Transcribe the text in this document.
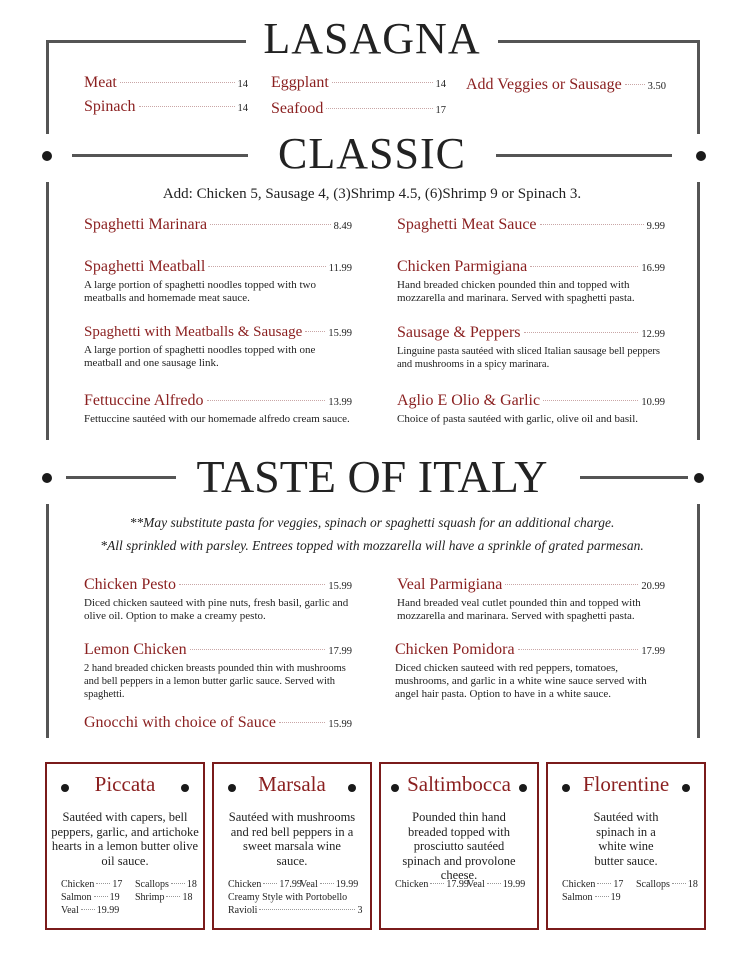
LASAGNA
Meat	14 Eggplant	14 Add Veggies or Sausage 3.50
Spinach	14 Seafood	17
CLASSIC
Add: Chicken 5, Sausage 4, (3)Shrimp 4.5, (6)Shrimp 9 or Spinach 3.
Spaghetti Marinara	8.49	Spaghetti Meat Sauce	9.99
Spaghetti Meatball	11.99
A large portion of spaghetti noodles topped with two meatballs and homemade meat sauce.
Chicken Parmigiana	16.99
Hand breaded chicken pounded thin and topped with mozzarella and marinara. Served with spaghetti pasta.
Spaghetti with Meatballs & Sausage 15.99
A large portion of spaghetti noodles topped with one meatball and one sausage link.
Sausage & Peppers	12.99
Linguine pasta sautéed with sliced Italian sausage bell peppers and mushrooms in a spicy marinara.
Fettuccine Alfredo	13.99
Fettuccine sautéed with our homemade alfredo cream sauce.
Aglio E Olio & Garlic	10.99
Choice of pasta sautéed with garlic, olive oil and basil.
TASTE OF ITALY
**May substitute pasta for veggies, spinach or spaghetti squash for an additional charge.
*All sprinkled with parsley. Entrees topped with mozzarella will have a sprinkle of grated parmesan.
Chicken Pesto	15.99
Diced chicken sauteed with pine nuts, fresh basil, garlic and olive oil. Option to make a creamy pesto.
Veal Parmigiana	20.99
Hand breaded veal cutlet pounded thin and topped with mozzarella and marinara. Served with spaghetti pasta.
Lemon Chicken	17.99
2 hand breaded chicken breasts pounded thin with mushrooms and bell peppers in a lemon butter garlic sauce. Served with spaghetti.
Chicken Pomidora	17.99
Diced chicken sauteed with red peppers, tomatoes, mushrooms, and garlic in a white wine sauce served with angel hair pasta. Option to have in a white sauce.
Gnocchi with choice of Sauce	15.99
Piccata
Sautéed with capers, bell peppers, garlic, and artichoke hearts in a lemon butter olive oil sauce.
Chicken 17 Scallops 18
Salmon 19 Shrimp 18
Veal 19.99
Marsala
Sautéed with mushrooms and red bell peppers in a sweet marsala wine sauce.
Chicken 17.99
Veal 19.99
Creamy Style with Portobello
Ravioli	3
Saltimbocca
Pounded thin hand breaded topped with prosciutto sautéed spinach and provolone cheese.
Chicken 17.99
Veal 19.99
Florentine
Sautéed with spinach in a white wine butter sauce.
Chicken 17 Scallops 18
Salmon 19
